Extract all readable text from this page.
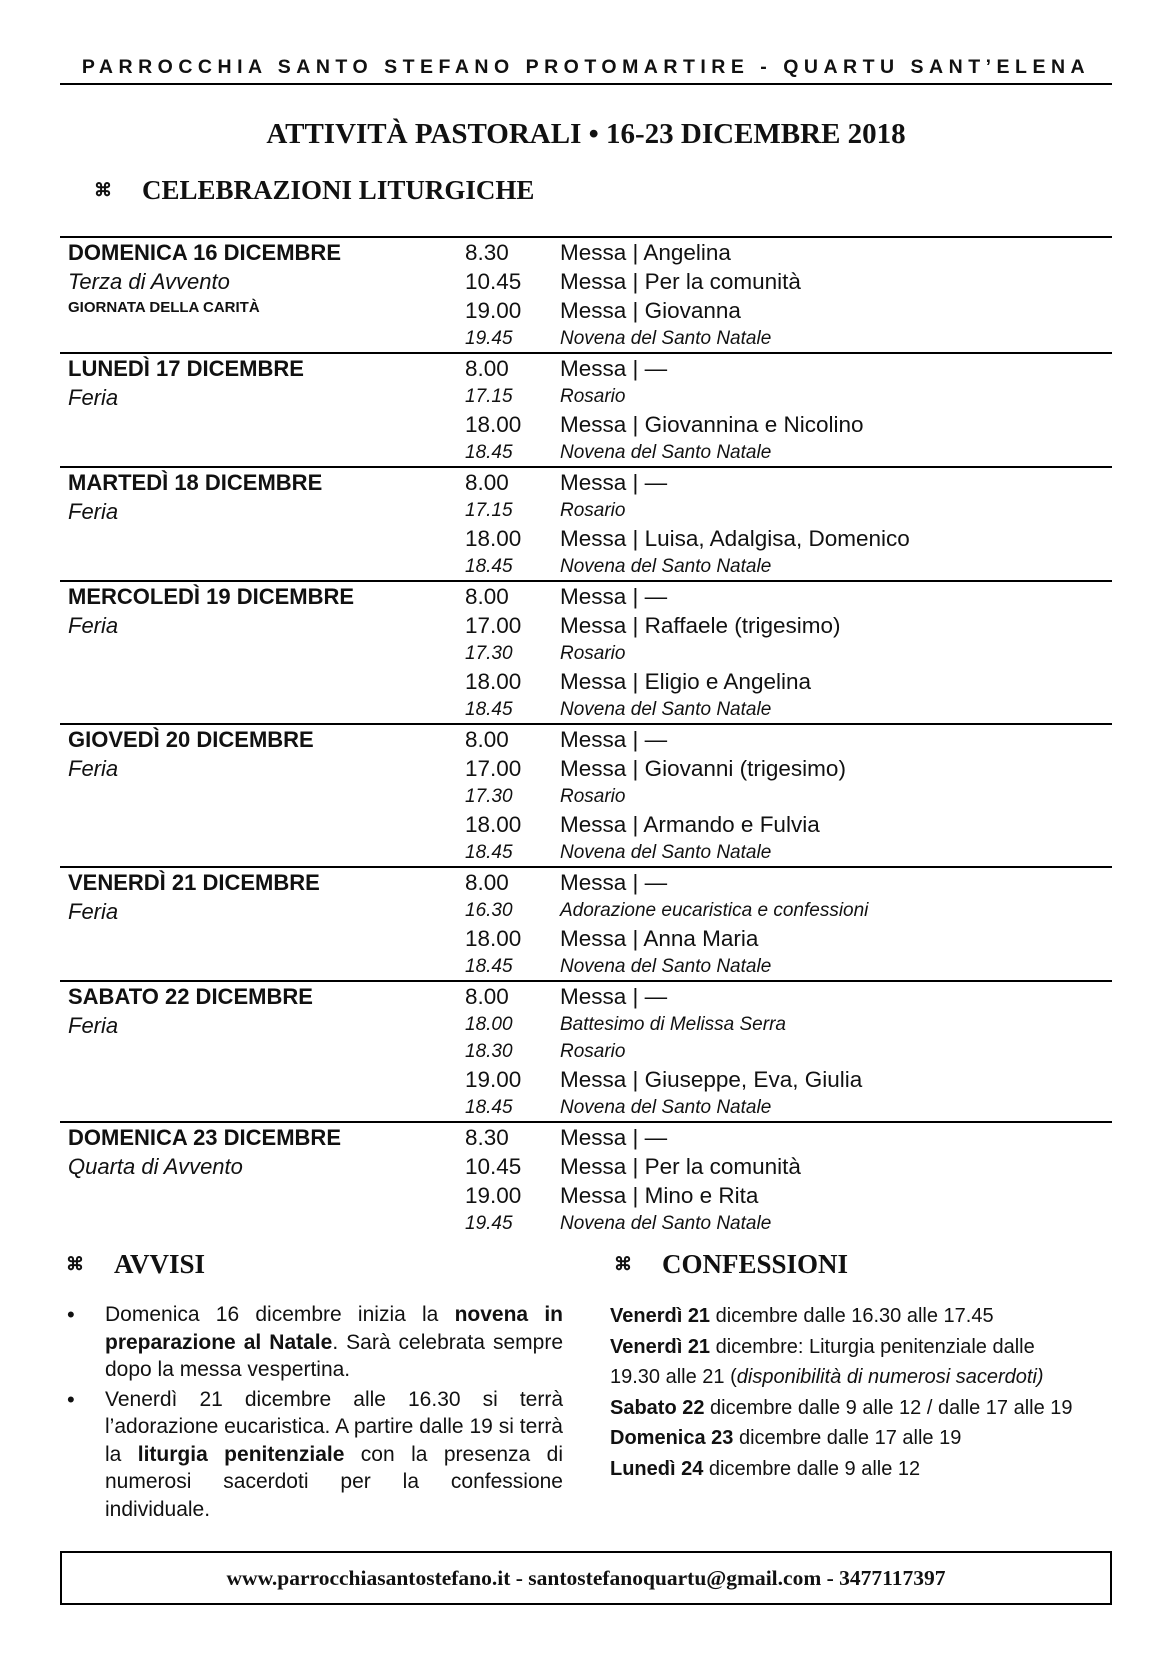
PARROCCHIA SANTO STEFANO PROTOMARTIRE - QUARTU SANT’ELENA
ATTIVITÀ PASTORALI • 16-23 DICEMBRE 2018
⌘	CELEBRAZIONI LITURGICHE
DOMENICA 16 DICEMBRE
Terza di Avvento
GIORNATA DELLA CARITÀ
8.30	Messa | Angelina
10.45	Messa | Per la comunità
19.00	Messa | Giovanna
19.45	Novena del Santo Natale
LUNEDÌ 17 DICEMBRE
Feria
8.00	Messa | —
17.15	Rosario
18.00	Messa | Giovannina e Nicolino
18.45	Novena del Santo Natale
MARTEDÌ 18 DICEMBRE
Feria
8.00	Messa | —
17.15	Rosario
18.00	Messa | Luisa, Adalgisa, Domenico
18.45	Novena del Santo Natale
MERCOLEDÌ 19 DICEMBRE
Feria
8.00	Messa | —
17.00	Messa | Raffaele (trigesimo)
17.30	Rosario
18.00	Messa | Eligio e Angelina
18.45	Novena del Santo Natale
GIOVEDÌ 20 DICEMBRE
Feria
8.00	Messa | —
17.00	Messa | Giovanni (trigesimo)
17.30	Rosario
18.00	Messa | Armando e Fulvia
18.45	Novena del Santo Natale
VENERDÌ 21 DICEMBRE
Feria
8.00	Messa | —
16.30	Adorazione eucaristica e confessioni
18.00	Messa | Anna Maria
18.45	Novena del Santo Natale
SABATO 22 DICEMBRE
Feria
8.00	Messa | —
18.00	Battesimo di Melissa Serra
18.30	Rosario
19.00	Messa | Giuseppe, Eva, Giulia
18.45	Novena del Santo Natale
DOMENICA 23 DICEMBRE
Quarta di Avvento
8.30	Messa | —
10.45	Messa | Per la comunità
19.00	Messa | Mino e Rita
19.45	Novena del Santo Natale
⌘	AVVISI	⌘	CONFESSIONI
• Domenica 16 dicembre inizia la novena in preparazione al Natale. Sarà celebrata sempre dopo la messa vespertina.
• Venerdì 21 dicembre alle 16.30 si terrà l’adorazione eucaristica. A partire dalle 19 si terrà la liturgia penitenziale con la presenza di numerosi sacerdoti per la confessione individuale.
Venerdì 21 dicembre dalle 16.30 alle 17.45
Venerdì 21 dicembre: Liturgia penitenziale dalle
19.30 alle 21 (disponibilità di numerosi sacerdoti)
Sabato 22 dicembre dalle 9 alle 12 / dalle 17 alle 19
Domenica 23 dicembre dalle 17 alle 19
Lunedì 24 dicembre dalle 9 alle 12
www.parrocchiasantostefano.it - santostefanoquartu@gmail.com - 3477117397
